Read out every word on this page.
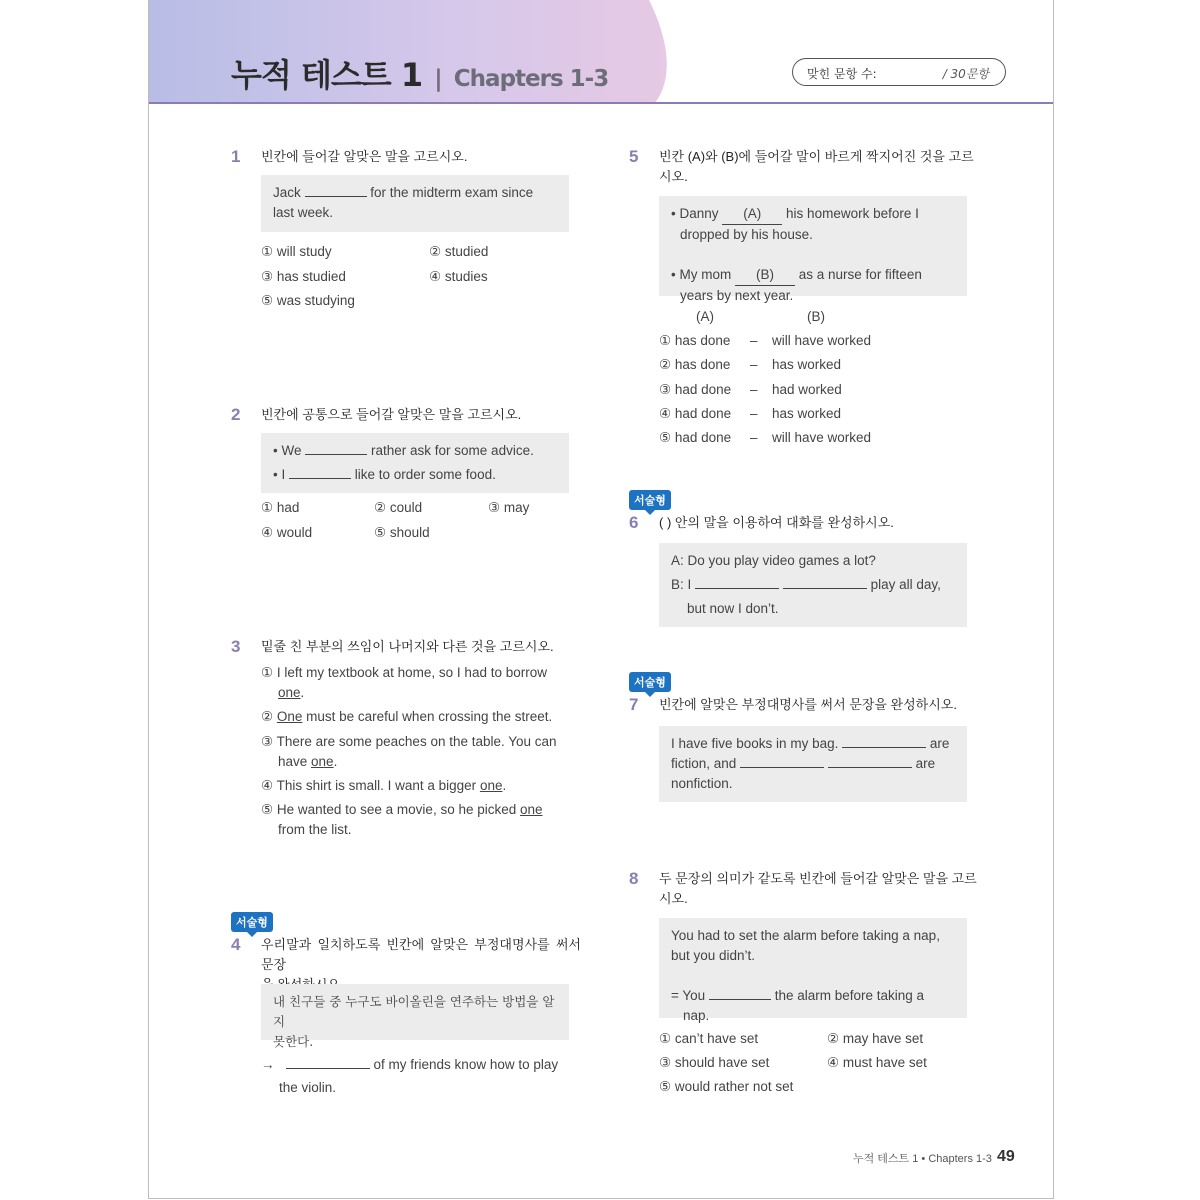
누적 테스트 1 | Chapters 1-3	맞힌 문항 수:	/ 30문항
1 빈칸에 들어갈 알맞은 말을 고르시오.
Jack	for the midterm exam since
last week.
① will study	② studied
③ has studied	④ studies
⑤ was studying
2 빈칸에 공통으로 들어갈 알맞은 말을 고르시오.
• We	rather ask for some advice.
• I	like to order some food.
① had	② could	③ may
④ would	⑤ should
3 밑줄 친 부분의 쓰임이 나머지와 다른 것을 고르시오.
① I left my textbook at home, so I had to borrow
one.
② One must be careful when crossing the street.
③ There are some peaches on the table. You can
have one.
④ This shirt is small. I want a bigger one.
⑤ He wanted to see a movie, so he picked one
from the list.
서술형
4 우리말과 일치하도록 빈칸에 알맞은 부정대명사를 써서 문장

내 친구들 중 누구도 바이올린을 연주하는 방법을 알지
못한다.
→	of my friends know how to play
the violin.
5 빈칸 (A)와 (B)에 들어갈 말이 바르게 짝지어진 것을 고르
시오.
• Danny (A) his homework before I
dropped by his house.

• My mom (B) as a nurse for fifteen
years by next year.
(A)	(B)
① has done – will have worked
② has done – has worked
③ had done – had worked
④ had done – has worked
⑤ had done – will have worked
서술형
6 ( ) 안의 말을 이용하여 대화를 완성하시오.
A: Do you play video games a lot?
B: I	play all day,
but now I don’t.
서술형
7 빈칸에 알맞은 부정대명사를 써서 문장을 완성하시오.
I have five books in my bag.	are
fiction, and	are
nonfiction.
8 두 문장의 의미가 같도록 빈칸에 들어갈 알맞은 말을 고르
시오.
You had to set the alarm before taking a nap,
but you didn’t.

= You	the alarm before taking a
nap.
① can’t have set	② may have set
③ should have set	④ must have set
⑤ would rather not set
누적 테스트 1 • Chapters 1-3 49
